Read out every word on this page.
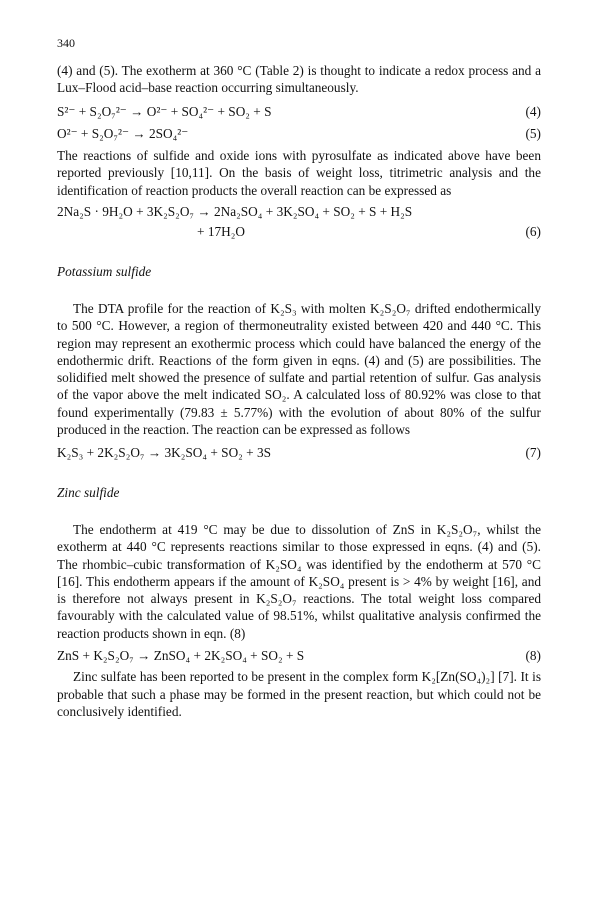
340

(4) and (5). The exotherm at 360 °C (Table 2) is thought to indicate a redox process and a Lux–Flood acid–base reaction occurring simultaneously.

S²⁻ + S₂O₇²⁻ → O²⁻ + SO₄²⁻ + SO₂ + S	(4)
O²⁻ + S₂O₇²⁻ → 2SO₄²⁻	(5)

The reactions of sulfide and oxide ions with pyrosulfate as indicated above have been reported previously [10,11]. On the basis of weight loss, titrimetric analysis and the identification of reaction products the overall reaction can be expressed as

2Na₂S · 9H₂O + 3K₂S₂O₇ → 2Na₂SO₄ + 3K₂SO₄ + SO₂ + S + H₂S
+ 17H₂O	(6)
Potassium sulfide

The DTA profile for the reaction of K₂S₃ with molten K₂S₂O₇ drifted endothermically to 500 °C. However, a region of thermoneutrality existed between 420 and 440 °C. This region may represent an exothermic process which could have balanced the energy of the endothermic drift. Reactions of the form given in eqns. (4) and (5) are possibilities. The solidified melt showed the presence of sulfate and partial retention of sulfur. Gas analysis of the vapor above the melt indicated SO₂. A calculated loss of 80.92% was close to that found experimentally (79.83 ± 5.77%) with the evolution of about 80% of the sulfur produced in the reaction. The reaction can be expressed as follows

K₂S₃ + 2K₂S₂O₇ → 3K₂SO₄ + SO₂ + 3S	(7)
Zinc sulfide

The endotherm at 419 °C may be due to dissolution of ZnS in K₂S₂O₇, whilst the exotherm at 440 °C represents reactions similar to those expressed in eqns. (4) and (5). The rhombic–cubic transformation of K₂SO₄ was identified by the endotherm at 570 °C [16]. This endotherm appears if the amount of K₂SO₄ present is > 4% by weight [16], and is therefore not always present in K₂S₂O₇ reactions. The total weight loss compared favourably with the calculated value of 98.51%, whilst qualitative analysis confirmed the reaction products shown in eqn. (8)

ZnS + K₂S₂O₇ → ZnSO₄ + 2K₂SO₄ + SO₂ + S	(8)

Zinc sulfate has been reported to be present in the complex form K₂[Zn(SO₄)₂] [7]. It is probable that such a phase may be formed in the present reaction, but which could not be conclusively identified.
